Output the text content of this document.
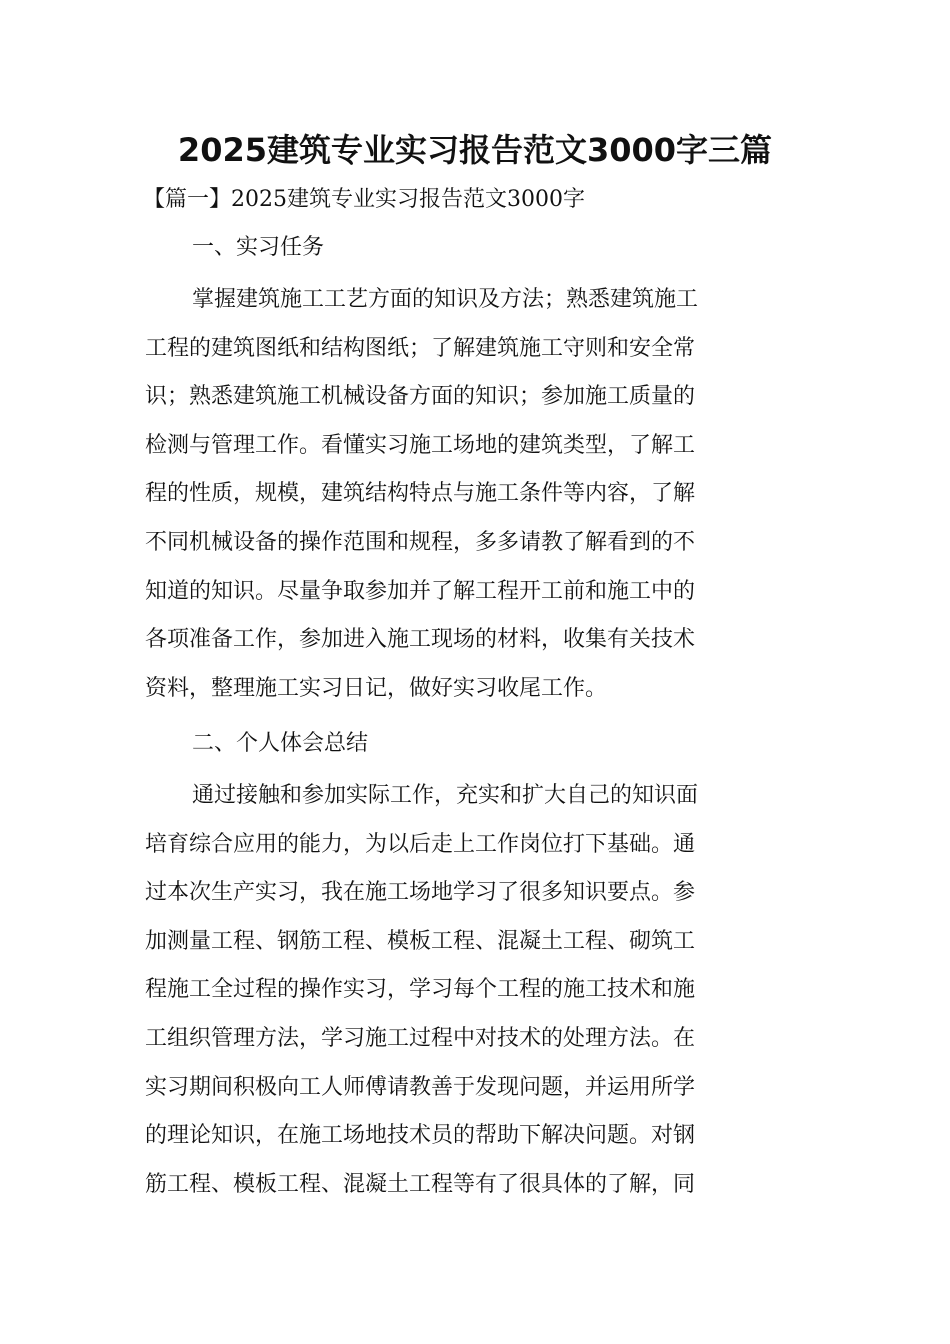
2025建筑专业实习报告范文3000字三篇
【篇一】2025建筑专业实习报告范文3000字
一、实习任务
掌握建筑施工工艺方面的知识及方法；熟悉建筑施工
工程的建筑图纸和结构图纸；了解建筑施工守则和安全常
识；熟悉建筑施工机械设备方面的知识；参加施工质量的
检测与管理工作。看懂实习施工场地的建筑类型，了解工
程的性质，规模，建筑结构特点与施工条件等内容，了解
不同机械设备的操作范围和规程，多多请教了解看到的不
知道的知识。尽量争取参加并了解工程开工前和施工中的
各项准备工作，参加进入施工现场的材料，收集有关技术
资料，整理施工实习日记，做好实习收尾工作。
二、个人体会总结
通过接触和参加实际工作，充实和扩大自己的知识面
培育综合应用的能力，为以后走上工作岗位打下基础。通
过本次生产实习，我在施工场地学习了很多知识要点。参
加测量工程、钢筋工程、模板工程、混凝土工程、砌筑工
程施工全过程的操作实习，学习每个工程的施工技术和施
工组织管理方法，学习施工过程中对技术的处理方法。在
实习期间积极向工人师傅请教善于发现问题，并运用所学
的理论知识，在施工场地技术员的帮助下解决问题。对钢
筋工程、模板工程、混凝土工程等有了很具体的了解，同
